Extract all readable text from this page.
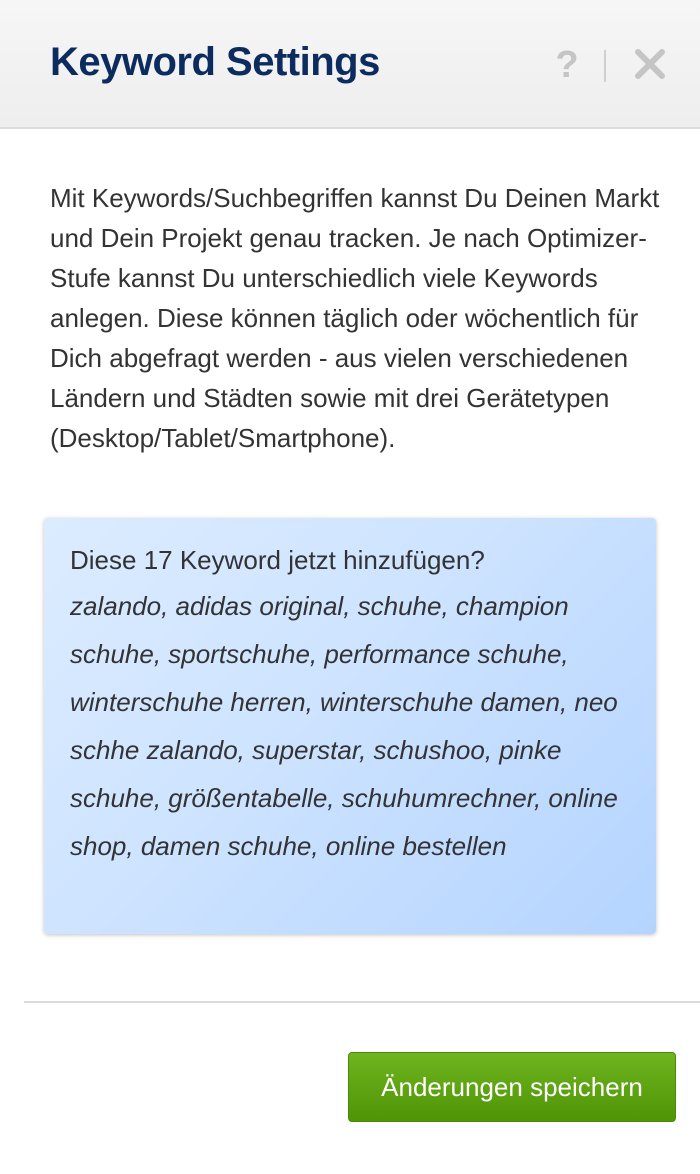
Keyword Settings	?
Mit Keywords/Suchbegriffen kannst Du Deinen Markt und Dein Projekt genau tracken. Je nach Optimizer-Stufe kannst Du unterschiedlich viele Keywords anlegen. Diese können täglich oder wöchentlich für Dich abgefragt werden - aus vielen verschiedenen Ländern und Städten sowie mit drei Gerätetypen (Desktop/Tablet/Smartphone).
Diese 17 Keyword jetzt hinzufügen?
zalando, adidas original, schuhe, champion schuhe, sportschuhe, performance schuhe, winterschuhe herren, winterschuhe damen, neo schhe zalando, superstar, schushoo, pinke schuhe, größentabelle, schuhumrechner, online shop, damen schuhe, online bestellen
Änderungen speichern
